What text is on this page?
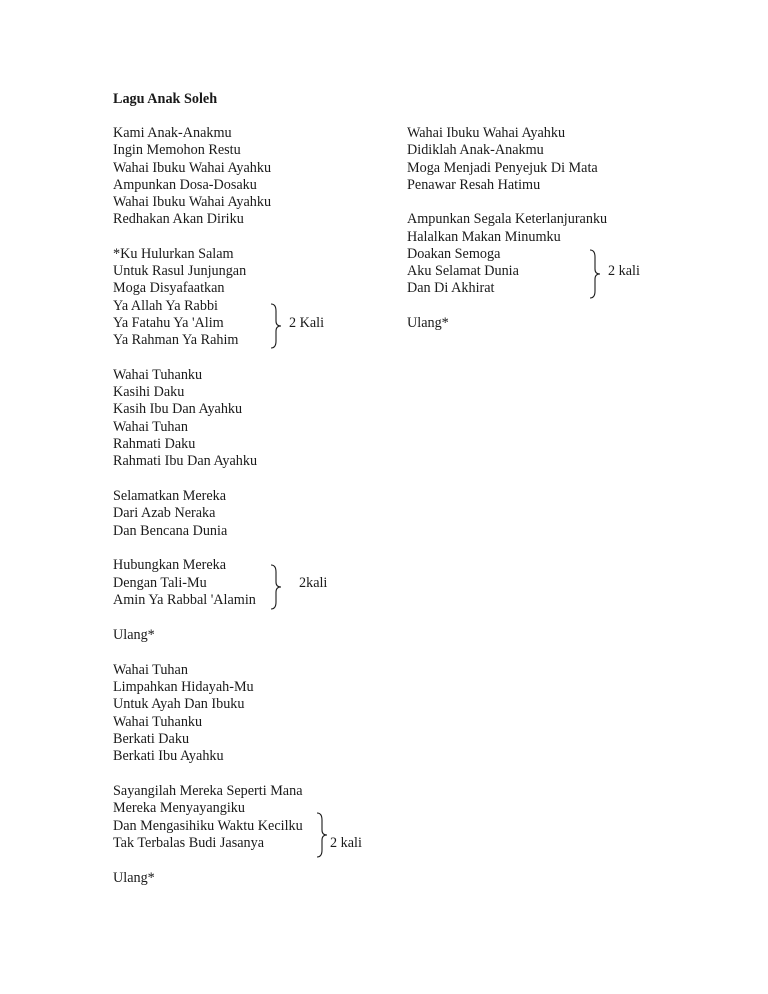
Lagu Anak Soleh
Kami Anak-Anakmu
Ingin Memohon Restu
Wahai Ibuku Wahai Ayahku
Ampunkan Dosa-Dosaku
Wahai Ibuku Wahai Ayahku
Redhakan Akan Diriku
*Ku Hulurkan Salam
Untuk Rasul Junjungan
Moga Disyafaatkan
Ya Allah Ya Rabbi
Ya Fatahu Ya 'Alim
Ya Rahman Ya Rahim
2 Kali
Wahai Tuhanku
Kasihi Daku
Kasih Ibu Dan Ayahku
Wahai Tuhan
Rahmati Daku
Rahmati Ibu Dan Ayahku
Selamatkan Mereka
Dari Azab Neraka
Dan Bencana Dunia
Hubungkan Mereka
Dengan Tali-Mu
Amin Ya Rabbal 'Alamin
2kali
Ulang*
Wahai Tuhan
Limpahkan Hidayah-Mu
Untuk Ayah Dan Ibuku
Wahai Tuhanku
Berkati Daku
Berkati Ibu Ayahku
Sayangilah Mereka Seperti Mana
Mereka Menyayangiku
Dan Mengasihiku Waktu Kecilku
Tak Terbalas Budi Jasanya	2 kali
Ulang*
Wahai Ibuku Wahai Ayahku
Didiklah Anak-Anakmu
Moga Menjadi Penyejuk Di Mata
Penawar Resah Hatimu
Ampunkan Segala Keterlanjuranku
Halalkan Makan Minumku
Doakan Semoga
Aku Selamat Dunia
Dan Di Akhirat
2 kali
Ulang*
